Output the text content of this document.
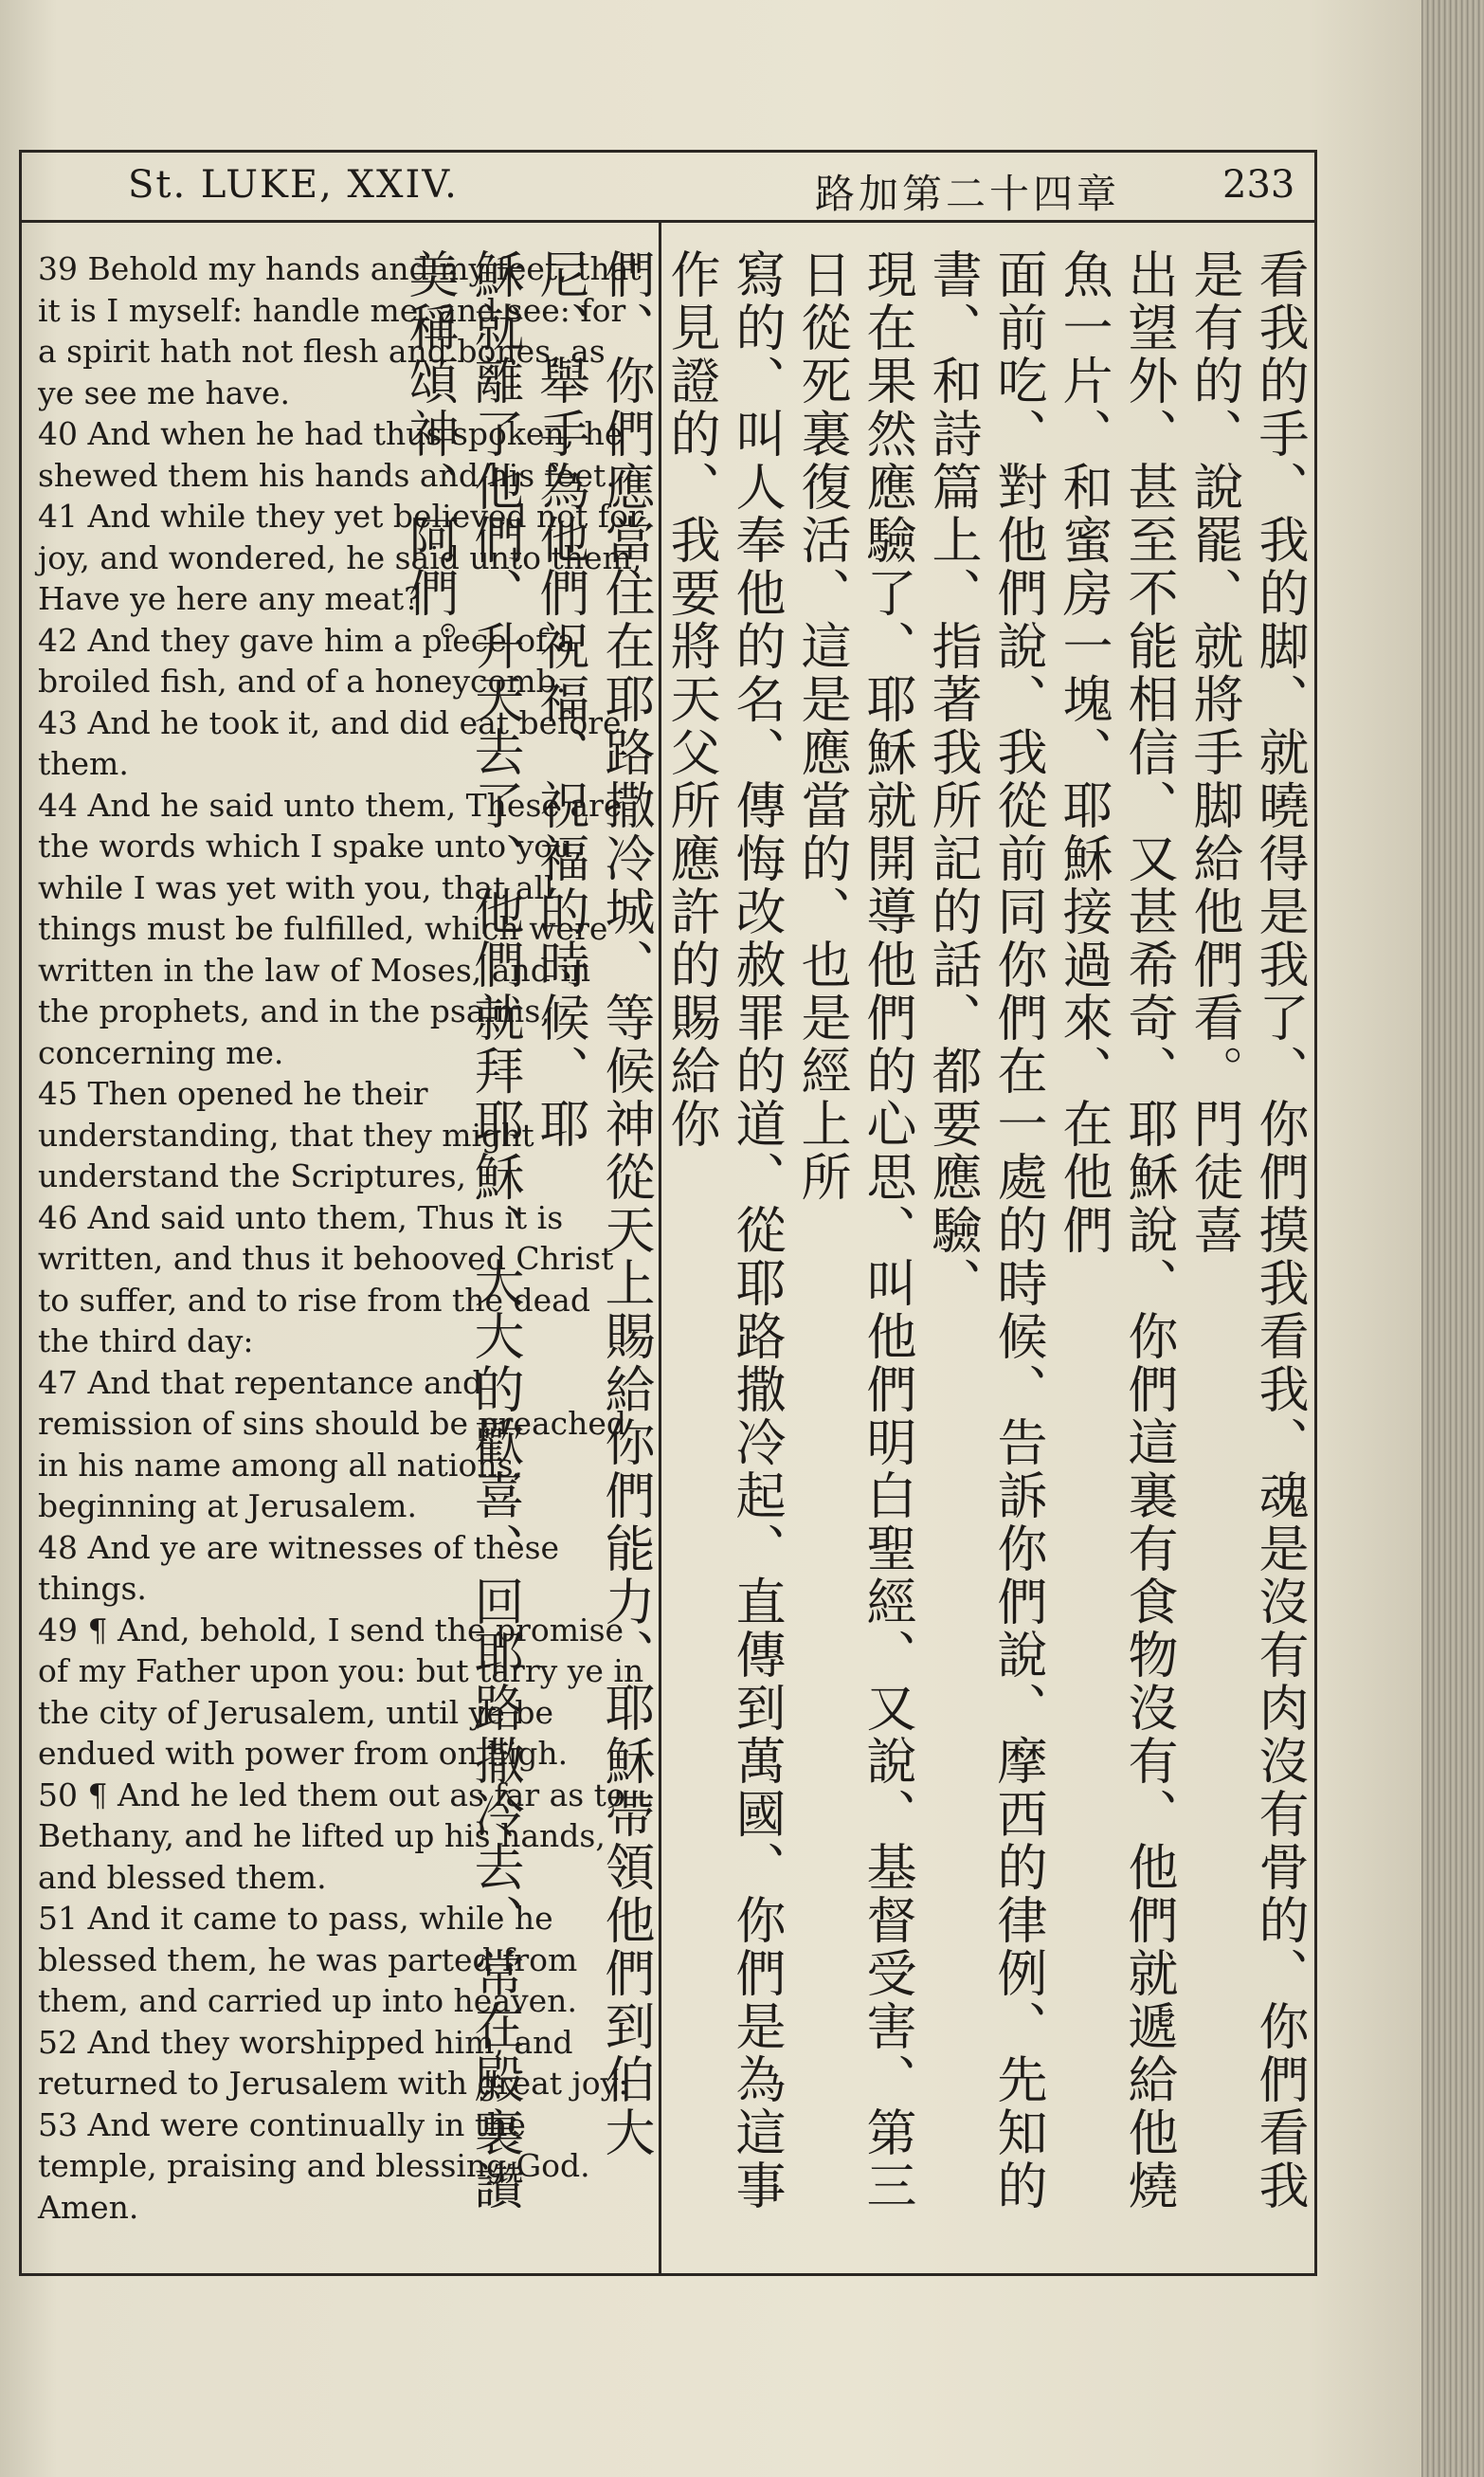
St. LUKE, XXIV.	路加第二十四章	233

39 Behold my hands and my feet, that it is I myself: handle me, and see: for a spirit hath not flesh and bones, as ye see me have.

40 And when he had thus spoken, he shewed them his hands and his feet.

41 And while they yet believed not for joy, and wondered, he said unto them, Have ye here any meat?

42 And they gave him a piece of a broiled fish, and of a honeycomb.

43 And he took it, and did eat before them.

44 And he said unto them, These are the words which I spake unto you, while I was yet with you, that all things must be fulfilled, which were written in the law of Moses, and in the prophets, and in the psalms, concerning me.

45 Then opened he their understanding, that they might understand the Scriptures,

46 And said unto them, Thus it is written, and thus it behooved Christ to suffer, and to rise from the dead the third day:

47 And that repentance and remission of sins should be preached in his name among all nations, beginning at Jerusalem.

48 And ye are witnesses of these things.

49 ¶ And, behold, I send the promise of my Father upon you: but tarry ye in the city of Jerusalem, until ye be endued with power from on high.

50 ¶ And he led them out as far as to Bethany, and he lifted up his hands, and blessed them.

51 And it came to pass, while he blessed them, he was parted from them, and carried up into heaven.

52 And they worshipped him, and returned to Jerusalem with great joy:

53 And were continually in the temple, praising and blessing God. Amen.	看我的手、我的脚、就曉得是我了、你們摸我看我、魂是沒有肉沒有骨的、你們看我是有的、說罷、就將手脚給他們看。門徒喜

出望外、甚至不能相信、又甚希奇、耶穌說、你們這裏有食物沒有、他們就遞給他燒魚一片、和蜜房一塊、耶穌接過來、在他們

面前吃、對他們說、我從前同你們在一處的時候、告訴你們說、摩西的律例、先知的書、和詩篇上、指著我所記的話、都要應驗、

現在果然應驗了、耶穌就開導他們的心思、叫他們明白聖經、又說、基督受害、第三日從死裏復活、這是應當的、也是經上所

寫的、叫人奉他的名、傳悔改赦罪的道、從耶路撒冷起、直傳到萬國、你們是為這事作見證的、我要將天父所應許的賜給你

們、你們應當住在耶路撒冷城、等候神從天上賜給你們能力、耶穌帶領他們到伯大尼、舉手為他們祝福、祝福的時候、耶

穌就離了他們、升天去了、他們就拜耶穌、大大的歡喜、回耶路撒冷去、常在殿裏讚美稱頌神、阿們。
